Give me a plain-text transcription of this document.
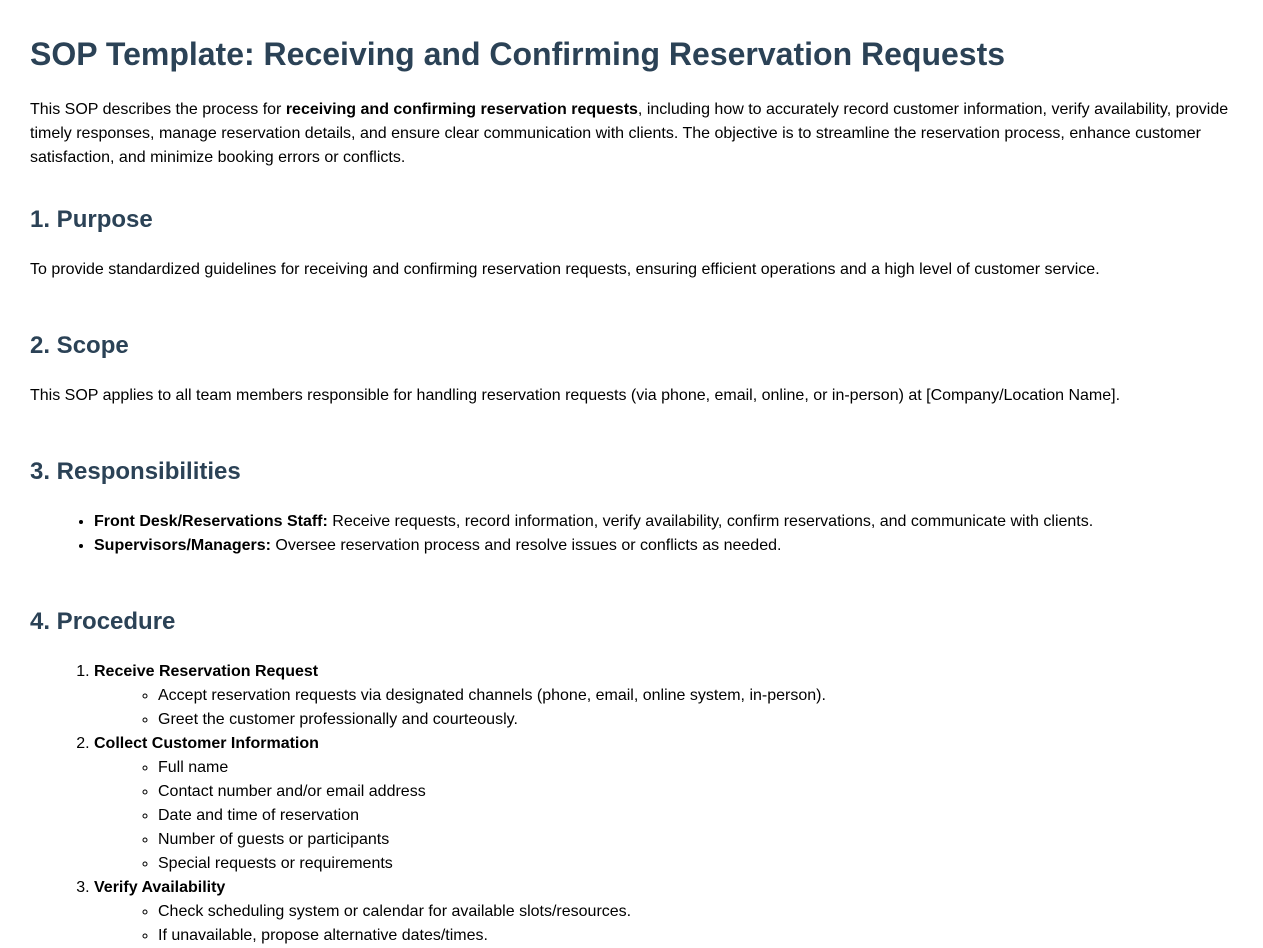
SOP Template: Receiving and Confirming Reservation Requests

This SOP describes the process for receiving and confirming reservation requests, including how to accurately record customer information, verify availability, provide timely responses, manage reservation details, and ensure clear communication with clients. The objective is to streamline the reservation process, enhance customer satisfaction, and minimize booking errors or conflicts.

1. Purpose

To provide standardized guidelines for receiving and confirming reservation requests, ensuring efficient operations and a high level of customer service.

2. Scope

This SOP applies to all team members responsible for handling reservation requests (via phone, email, online, or in-person) at [Company/Location Name].

3. Responsibilities
• Front Desk/Reservations Staff: Receive requests, record information, verify availability, confirm reservations, and communicate with clients.
• Supervisors/Managers: Oversee reservation process and resolve issues or conflicts as needed.
4. Procedure
1. Receive Reservation Request
◦ Accept reservation requests via designated channels (phone, email, online system, in-person).
◦ Greet the customer professionally and courteously.
2. Collect Customer Information
◦ Full name
◦ Contact number and/or email address
◦ Date and time of reservation
◦ Number of guests or participants
◦ Special requests or requirements
3. Verify Availability
◦ Check scheduling system or calendar for available slots/resources.
◦ If unavailable, propose alternative dates/times.
